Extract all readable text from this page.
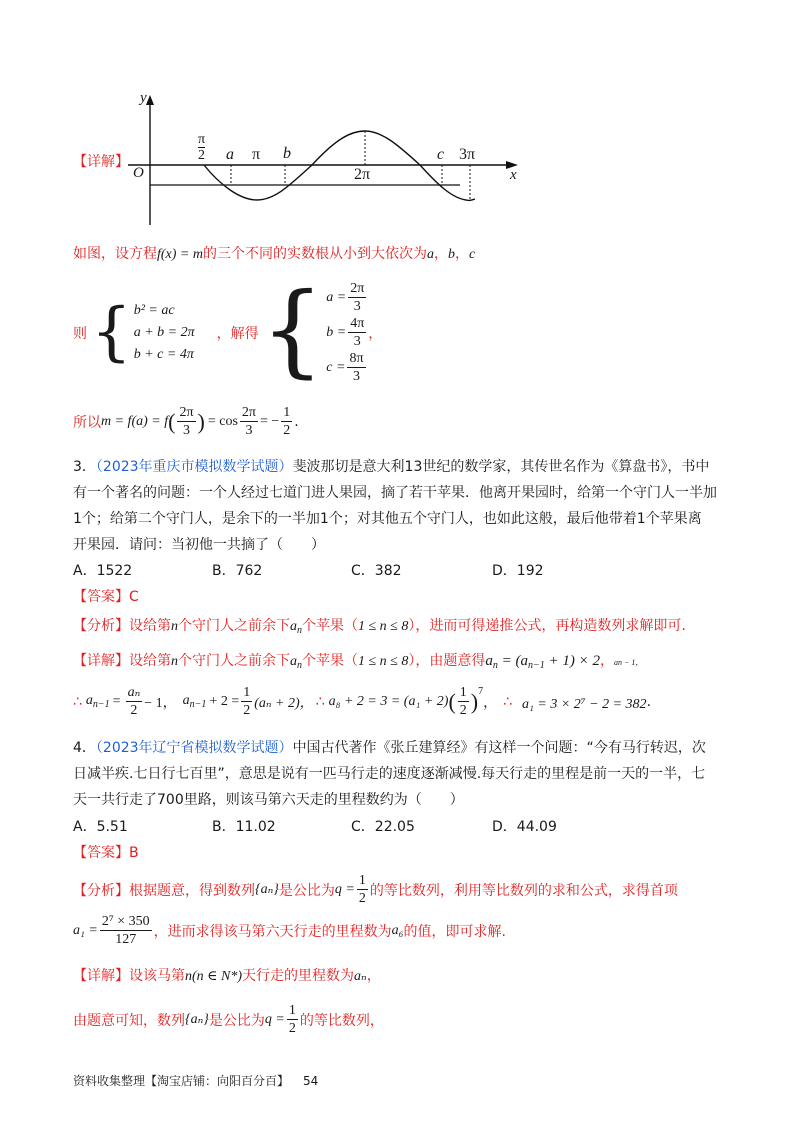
【详解】
y
x
O
$\frac{\pi}{2}$ a π b	c 3π
2π
如图，设方程f(x) = m的三个不同的实数根从小到大依次为a，b，c
则 { b² = ac
a + b = 2π
b + c = 4π
，解得 { $a = \frac{2\pi}{3}$
$b = \frac{4\pi}{3}$
$c = \frac{8\pi}{3}$
，
所以 m = f(a) = f ( $\frac{2\pi}{3}$ ) = $\cos \frac{2\pi}{3}$ = − $\frac{1}{2}$ .
3．（2023年重庆市模拟数学试题）斐波那切是意大利13世纪的数学家，其传世名作为《算盘书》，书中
有一个著名的问题：一个人经过七道门进人果园，摘了若干苹果．他离开果园时，给第一个守门人一半加
1个；给第二个守门人，是余下的一半加1个；对其他五个守门人，也如此这般，最后他带着1个苹果离
开果园．请问：当初他一共摘了（　　）
A．1522	B．762	C．382	D．192
【答案】C
【分析】设给第n个守门人之前余下$a_n$个苹果（1 ≤ n ≤ 8），进而可得递推公式，再构造数列求解即可.
【详解】设给第n个守门人之前余下$a_n$个苹果（1 ≤ n ≤ 8），由题意得$a_n = (a_{n-1} + 1) \times 2$，an − 1，
∴ $a_{n-1} = \frac{\text{aₙ}}{2} - 1$， $a_{n-1} + 2 = \frac{1}{2} (a_n + 2)$， ∴ a₈ + 2 = 3 = (a₁ + 2) ( $\frac{1}{2}$ ) 7
， ∴ a₁ = 3 × 2⁷ − 2 = 382 .
4．（2023年辽宁省模拟数学试题）中国古代著作《张丘建算经》有这样一个问题：“今有马行转迟，次
日减半疾.七日行七百里”，意思是说有一匹马行走的速度逐渐减慢.每天行走的里程是前一天的一半，七
天一共行走了700里路，则该马第六天走的里程数约为（　　）
A．5.51	B．11.02	C．22.05	D．44.09
【答案】B
【分析】 根据题意，得到数列 {aₙ} 是公比为 $q = \frac{1}{2}$ 的等比数列，利用等比数列的求和公式，求得首项
$a_1 = \frac{\text{2⁷ × 350}}{127}$ ，进而求得该马第六天行走的里程数为 a₆ 的值，即可求解.
【详解】设该马第n(n ∈ N*)天行走的里程数为aₙ，
由题意可知，数列 {aₙ} 是公比为 $q = \frac{1}{2}$ 的等比数列，
资料收集整理【淘宝店铺：向阳百分百】 54
